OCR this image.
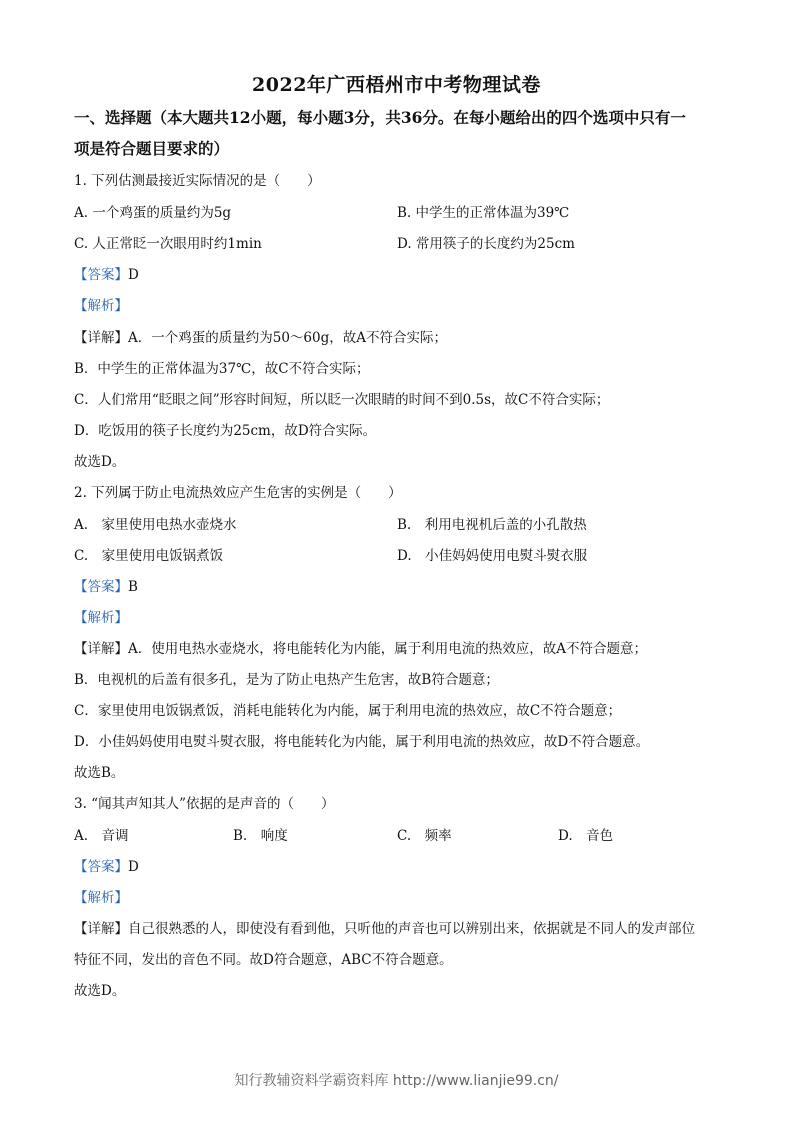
2022年广西梧州市中考物理试卷
一、选择题（本大题共12小题，每小题3分，共36分。在每小题给出的四个选项中只有一
项是符合题目要求的）
1. 下列估测最接近实际情况的是（　　）
A. 一个鸡蛋的质量约为5g	B. 中学生的正常体温为39℃
C. 人正常眨一次眼用时约1min	D. 常用筷子的长度约为25cm
【答案】D
【解析】
【详解】A．一个鸡蛋的质量约为50～60g，故A不符合实际；
B．中学生的正常体温为37℃，故C不符合实际；
C．人们常用“眨眼之间”形容时间短，所以眨一次眼睛的时间不到0.5s，故C不符合实际；
D．吃饭用的筷子长度约为25cm，故D符合实际。
故选D。
2. 下列属于防止电流热效应产生危害的实例是（　　）
A.　家里使用电热水壶烧水	B.　利用电视机后盖的小孔散热
C.　家里使用电饭锅煮饭	D.　小佳妈妈使用电熨斗熨衣服
【答案】B
【解析】
【详解】A．使用电热水壶烧水，将电能转化为内能，属于利用电流的热效应，故A不符合题意；
B．电视机的后盖有很多孔，是为了防止电热产生危害，故B符合题意；
C．家里使用电饭锅煮饭，消耗电能转化为内能，属于利用电流的热效应，故C不符合题意；
D．小佳妈妈使用电熨斗熨衣服，将电能转化为内能，属于利用电流的热效应，故D不符合题意。
故选B。
3. “闻其声知其人”依据的是声音的（　　）
A.　音调	B.　响度	C.　频率	D.　音色
【答案】D
【解析】
【详解】自己很熟悉的人，即使没有看到他，只听他的声音也可以辨别出来，依据就是不同人的发声部位
特征不同，发出的音色不同。故D符合题意，ABC不符合题意。
故选D。
知行教辅资料学霸资料库 http://www.lianjie99.cn/
